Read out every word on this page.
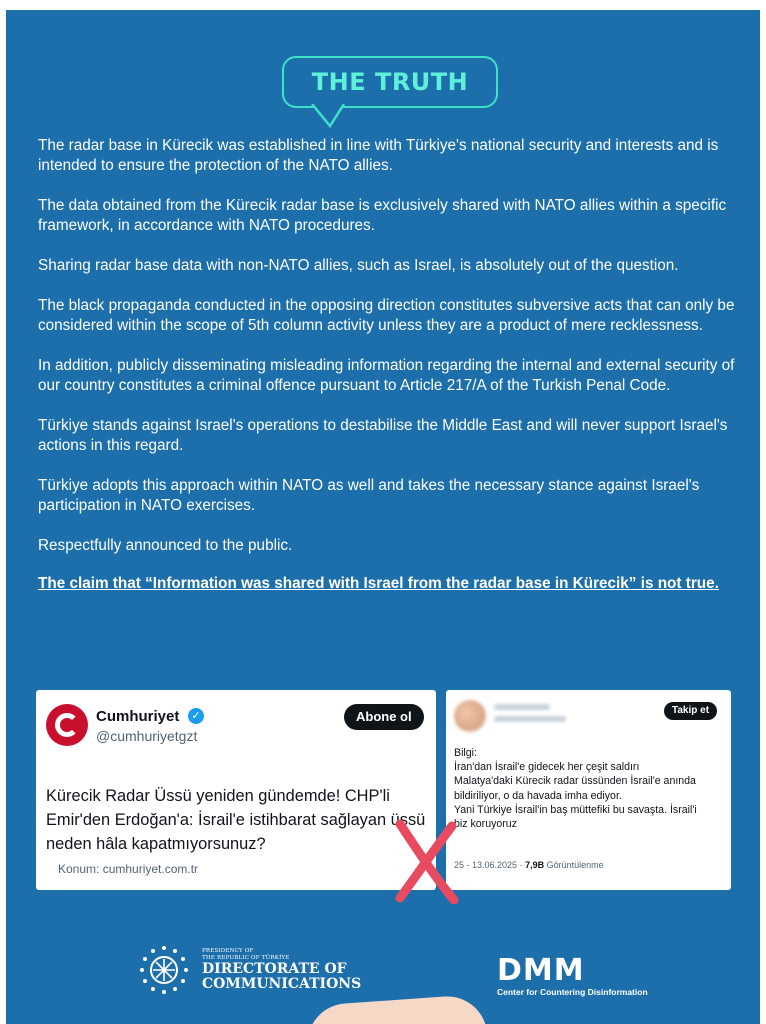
THE TRUTH

The radar base in Kürecik was established in line with Türkiye's national security and interests and is intended to ensure the protection of the NATO allies.

The data obtained from the Kürecik radar base is exclusively shared with NATO allies within a specific framework, in accordance with NATO procedures.

Sharing radar base data with non-NATO allies, such as Israel, is absolutely out of the question.

The black propaganda conducted in the opposing direction constitutes subversive acts that can only be considered within the scope of 5th column activity unless they are a product of mere recklessness.

In addition, publicly disseminating misleading information regarding the internal and external security of our country constitutes a criminal offence pursuant to Article 217/A of the Turkish Penal Code.

Türkiye stands against Israel's operations to destabilise the Middle East and will never support Israel's actions in this regard.

Türkiye adopts this approach within NATO as well and takes the necessary stance against Israel's participation in NATO exercises.

Respectfully announced to the public.

The claim that “Information was shared with Israel from the radar base in Kürecik” is not true.
Cumhuriyet	✓
@cumhuriyetgzt
Abone ol
Kürecik Radar Üssü yeniden gündemde! CHP'li Emir'den Erdoğan'a: İsrail'e istihbarat sağlayan üssü neden hâla kapatmıyorsunuz?
Konum: cumhuriyet.com.tr
Takip et
Bilgi:
İran'dan İsrail'e gidecek her çeşit saldırı
Malatya'daki Kürecik radar üssünden İsrail'e anında
bildiriliyor, o da havada imha ediyor.
Yani Türkiye İsrail'in baş müttefiki bu savaşta. İsrail'i
biz koruyoruz
25 - 13.06.2025 · 7,9B Görüntülenme
PRESIDENCY OF
THE REPUBLIC OF TÜRKİYE
DIRECTORATE OF
COMMUNICATIONS	DMM
Center for Countering Disinformation
